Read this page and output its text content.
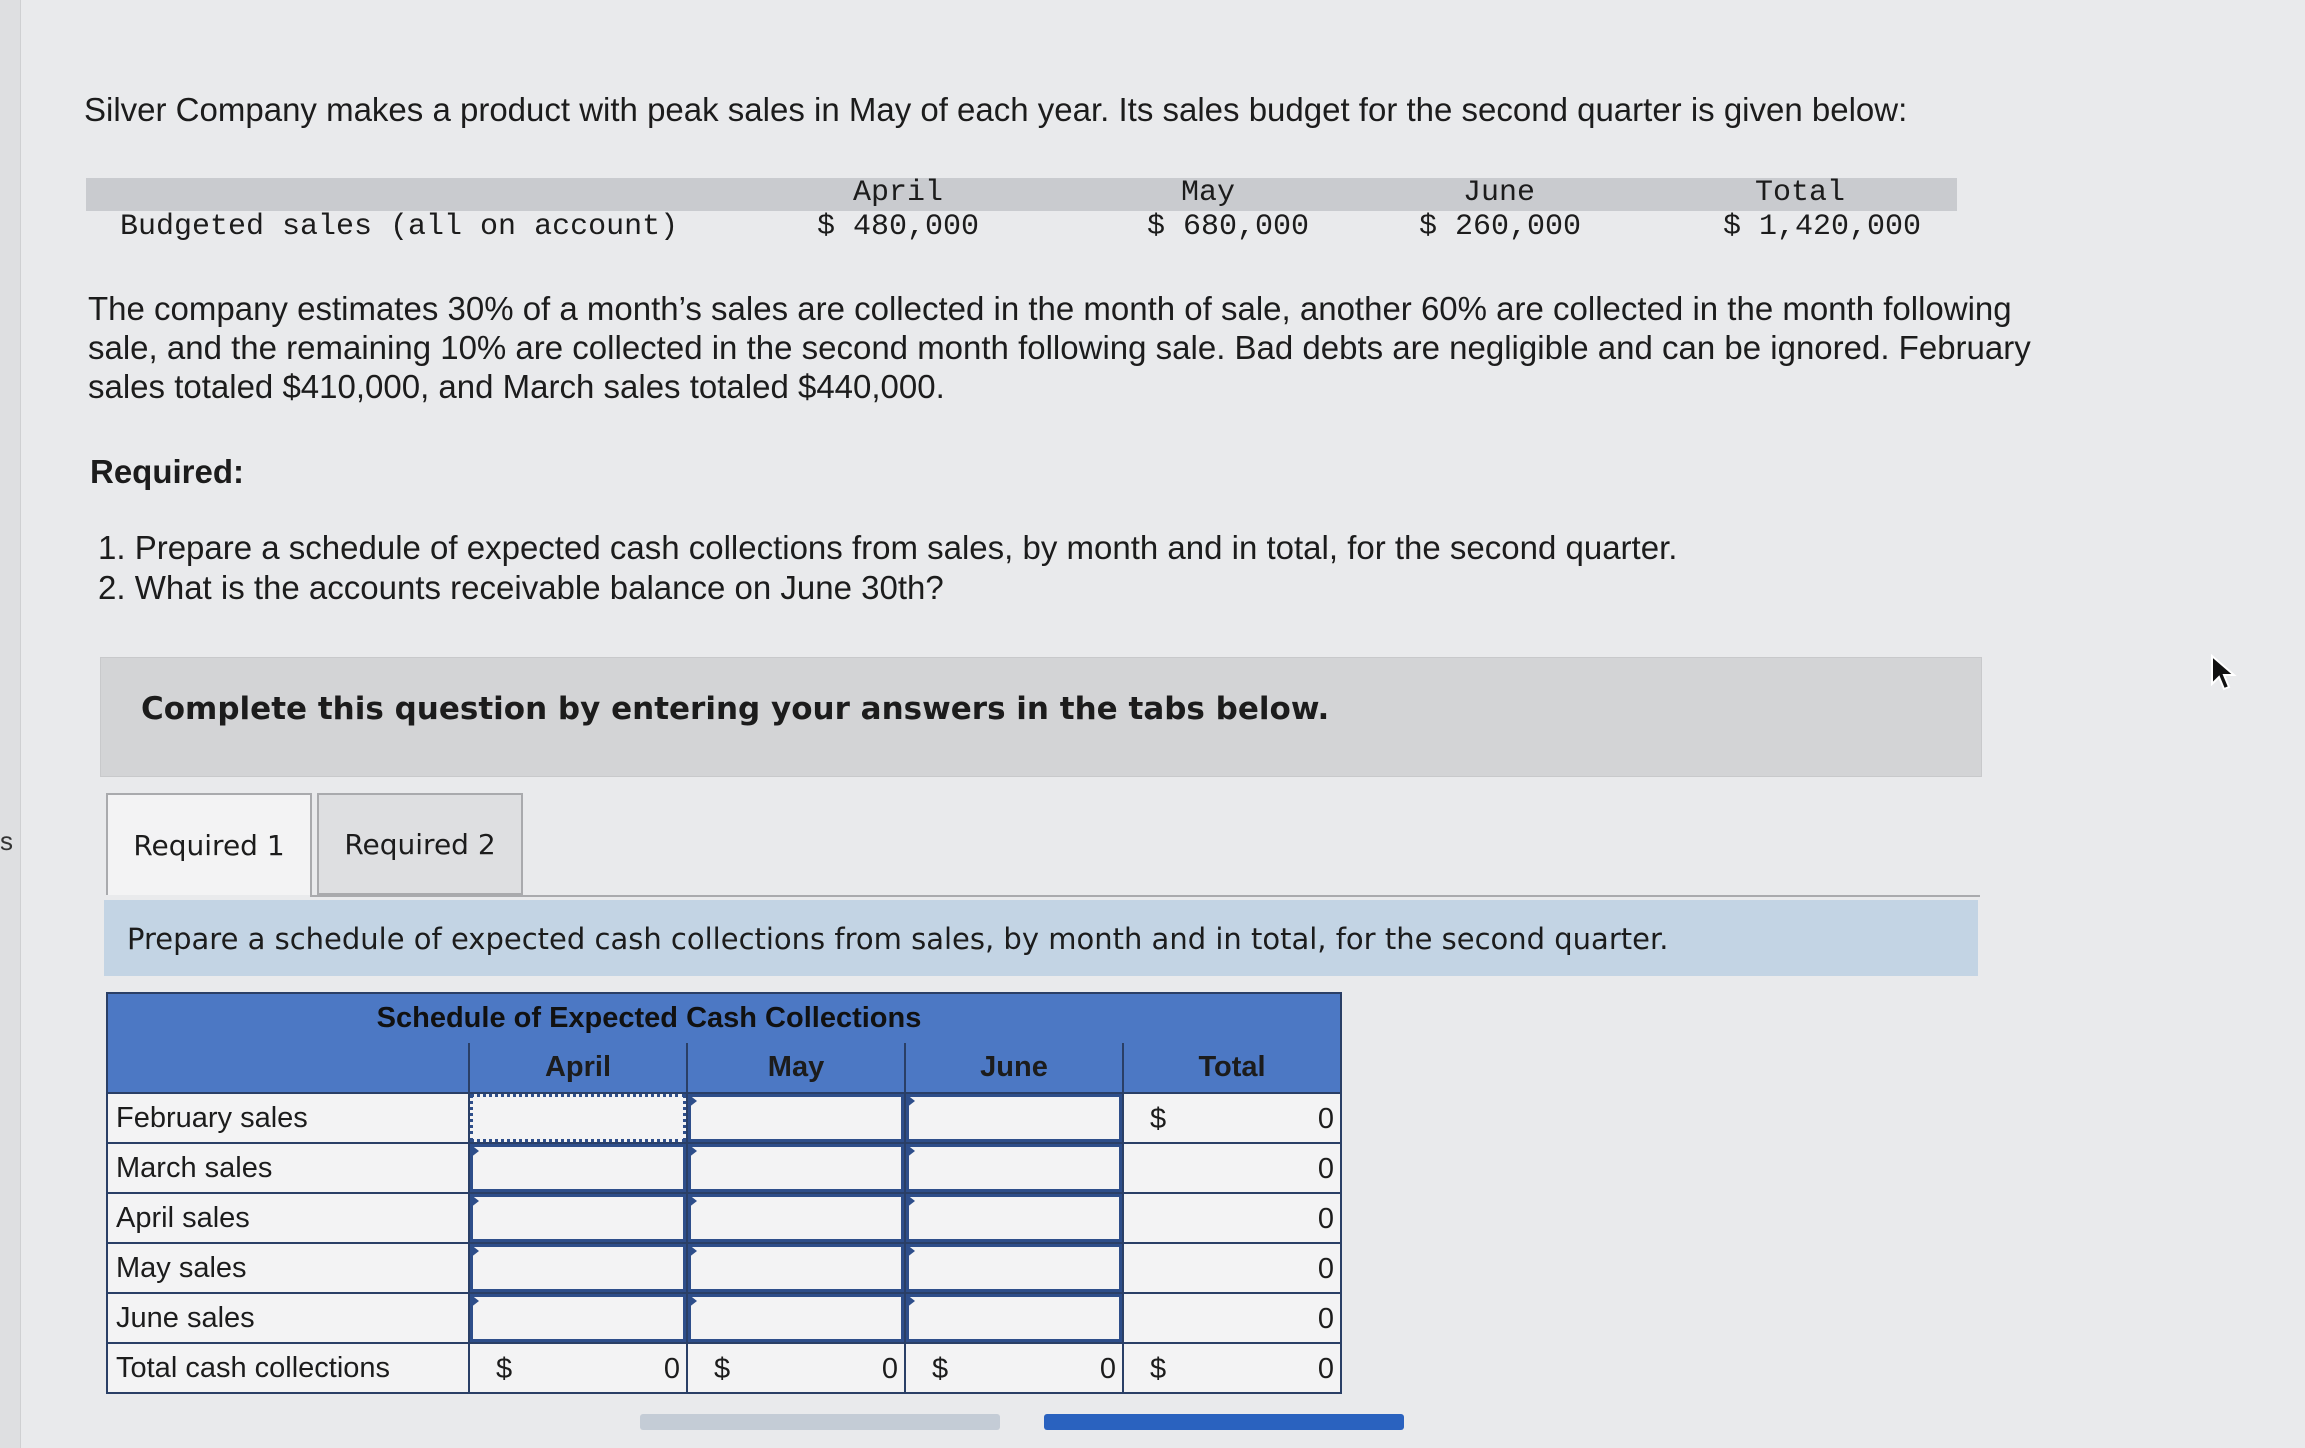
s
Silver Company makes a product with peak sales in May of each year. Its sales budget for the second quarter is given below:
April	May	June	Total
Budgeted sales (all on account)	$ 480,000	$ 680,000	$ 260,000	$ 1,420,000
The company estimates 30% of a month’s sales are collected in the month of sale, another 60% are collected in the month following
sale, and the remaining 10% are collected in the second month following sale. Bad debts are negligible and can be ignored. February
sales totaled $410,000, and March sales totaled $440,000.
Required:
1. Prepare a schedule of expected cash collections from sales, by month and in total, for the second quarter.
2. What is the accounts receivable balance on June 30th?
Complete this question by entering your answers in the tabs below.
Required 1 Required 2
Prepare a schedule of expected cash collections from sales, by month and in total, for the second quarter.
	Schedule of Expected Cash Collections			
	April	May	June	Total
February sales				$ 0

March sales				0

April sales				0

May sales				0

June sales				0

Total cash collections	$ 0	$ 0	$ 0	$ 0
